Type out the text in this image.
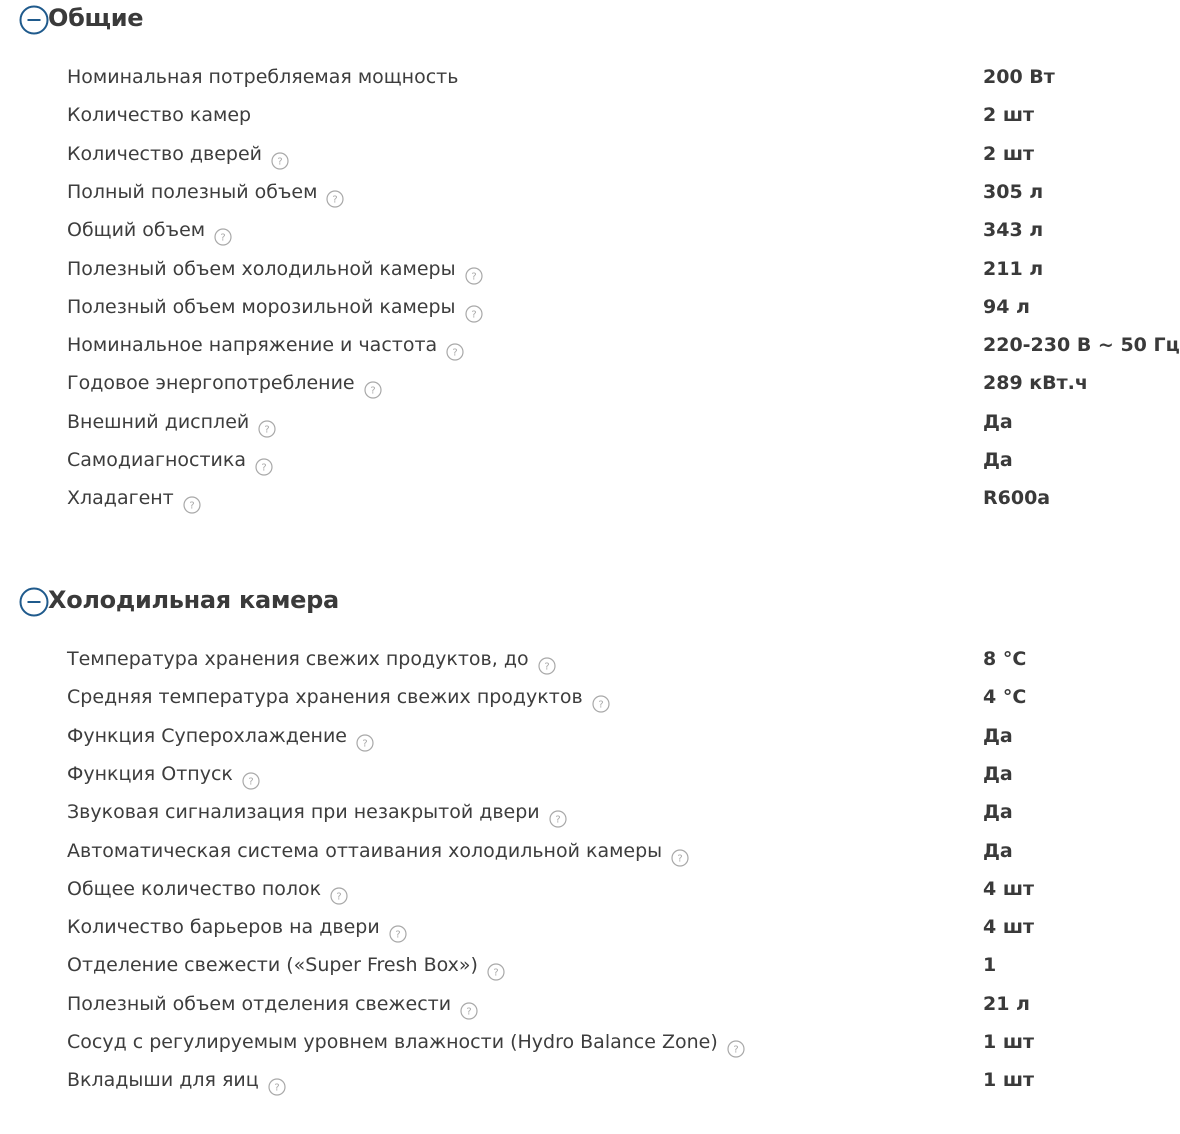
Общие
Номинальная потребляемая мощность	200 Вт
Количество камер	2 шт
Количество дверей ?	2 шт
Полный полезный объем ?	305 л
Общий объем ?	343 л
Полезный объем холодильной камеры ?	211 л
Полезный объем морозильной камеры ?	94 л
Номинальное напряжение и частота ?	220-230 В ~ 50 Гц
Годовое энергопотребление ?	289 кВт.ч
Внешний дисплей ?	Да
Самодиагностика ?	Да
Хладагент ?	R600a
Холодильная камера
Температура хранения свежих продуктов, до ?	8 °C
Средняя температура хранения свежих продуктов ?	4 °C
Функция Суперохлаждение ?	Да
Функция Отпуск ?	Да
Звуковая сигнализация при незакрытой двери ?	Да
Автоматическая система оттаивания холодильной камеры ?	Да
Общее количество полок ?	4 шт
Количество барьеров на двери ?	4 шт
Отделение свежести («Super Fresh Box») ?	1
Полезный объем отделения свежести ?	21 л
Сосуд с регулируемым уровнем влажности (Hydro Balance Zone) ?	1 шт
Вкладыши для яиц ?	1 шт
